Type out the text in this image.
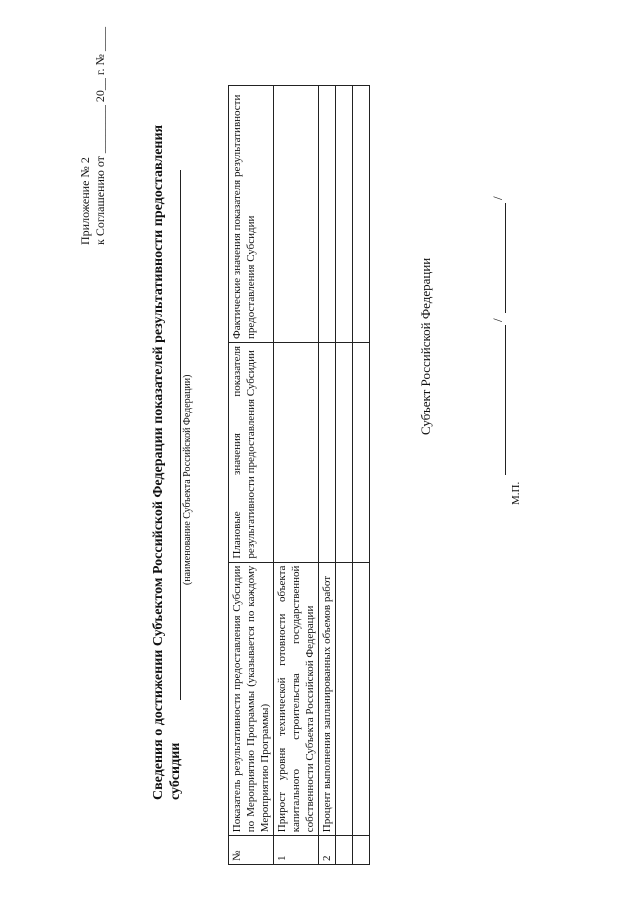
Приложение № 2 к Соглашению от ________ 20__ г. № ____	Сведения о достижении Субъектом Российской Федерации показателей результативности предоставления субсидии
(наименование Субъекта Российской Федерации)
№	Показатель результативности предоставления Субсидии по Мероприятию Программы (указывается по каждому Мероприятию Программы)	Плановые значения показателя результативности предоставления Субсидии	Фактические значения показателя результативности предоставления Субсидии
1	Прирост уровня технической готовности объекта капитального строительства государственной собственности Субъекта Российской Федерации		
2	Процент выполнения запланированных объемов работ		

Субъект Российской Федерации
М.П.
/
/
